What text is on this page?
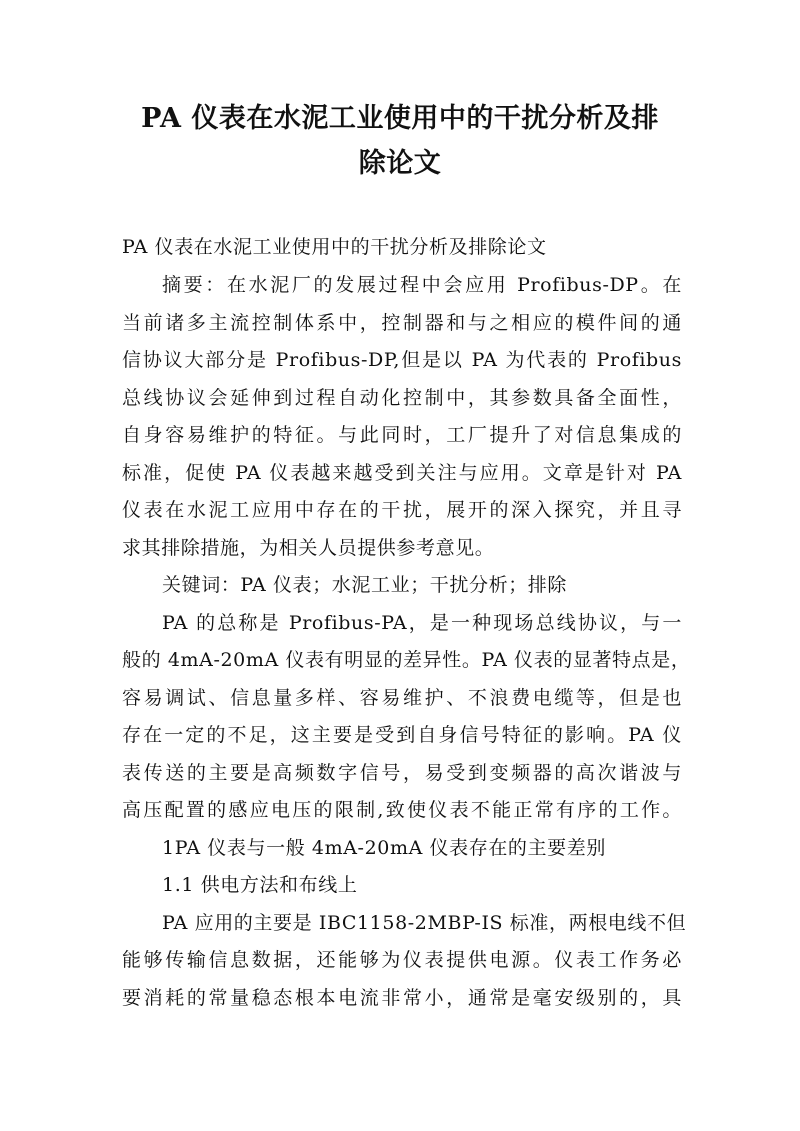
PA 仪表在水泥工业使用中的干扰分析及排
除论文
PA 仪表在水泥工业使用中的干扰分析及排除论文
摘要：在水泥厂的发展过程中会应用 Profibus-DP。在
当前诸多主流控制体系中，控制器和与之相应的模件间的通
信协议大部分是 Profibus-DP,但是以 PA 为代表的 Profibus
总线协议会延伸到过程自动化控制中，其参数具备全面性，
自身容易维护的特征。与此同时，工厂提升了对信息集成的
标准，促使 PA 仪表越来越受到关注与应用。文章是针对 PA
仪表在水泥工应用中存在的干扰，展开的深入探究，并且寻
求其排除措施，为相关人员提供参考意见。
关键词：PA 仪表；水泥工业；干扰分析；排除
PA 的总称是 Profibus-PA，是一种现场总线协议，与一
般的 4mA-20mA 仪表有明显的差异性。PA 仪表的显著特点是，
容易调试、信息量多样、容易维护、不浪费电缆等，但是也
存在一定的不足，这主要是受到自身信号特征的影响。PA 仪
表传送的主要是高频数字信号，易受到变频器的高次谐波与
高压配置的感应电压的限制,致使仪表不能正常有序的工作。
1PA 仪表与一般 4mA-20mA 仪表存在的主要差别
1.1 供电方法和布线上
PA 应用的主要是 IBC1158-2MBP-IS 标准，两根电线不但
能够传输信息数据，还能够为仪表提供电源。仪表工作务必
要消耗的常量稳态根本电流非常小，通常是毫安级别的，具
